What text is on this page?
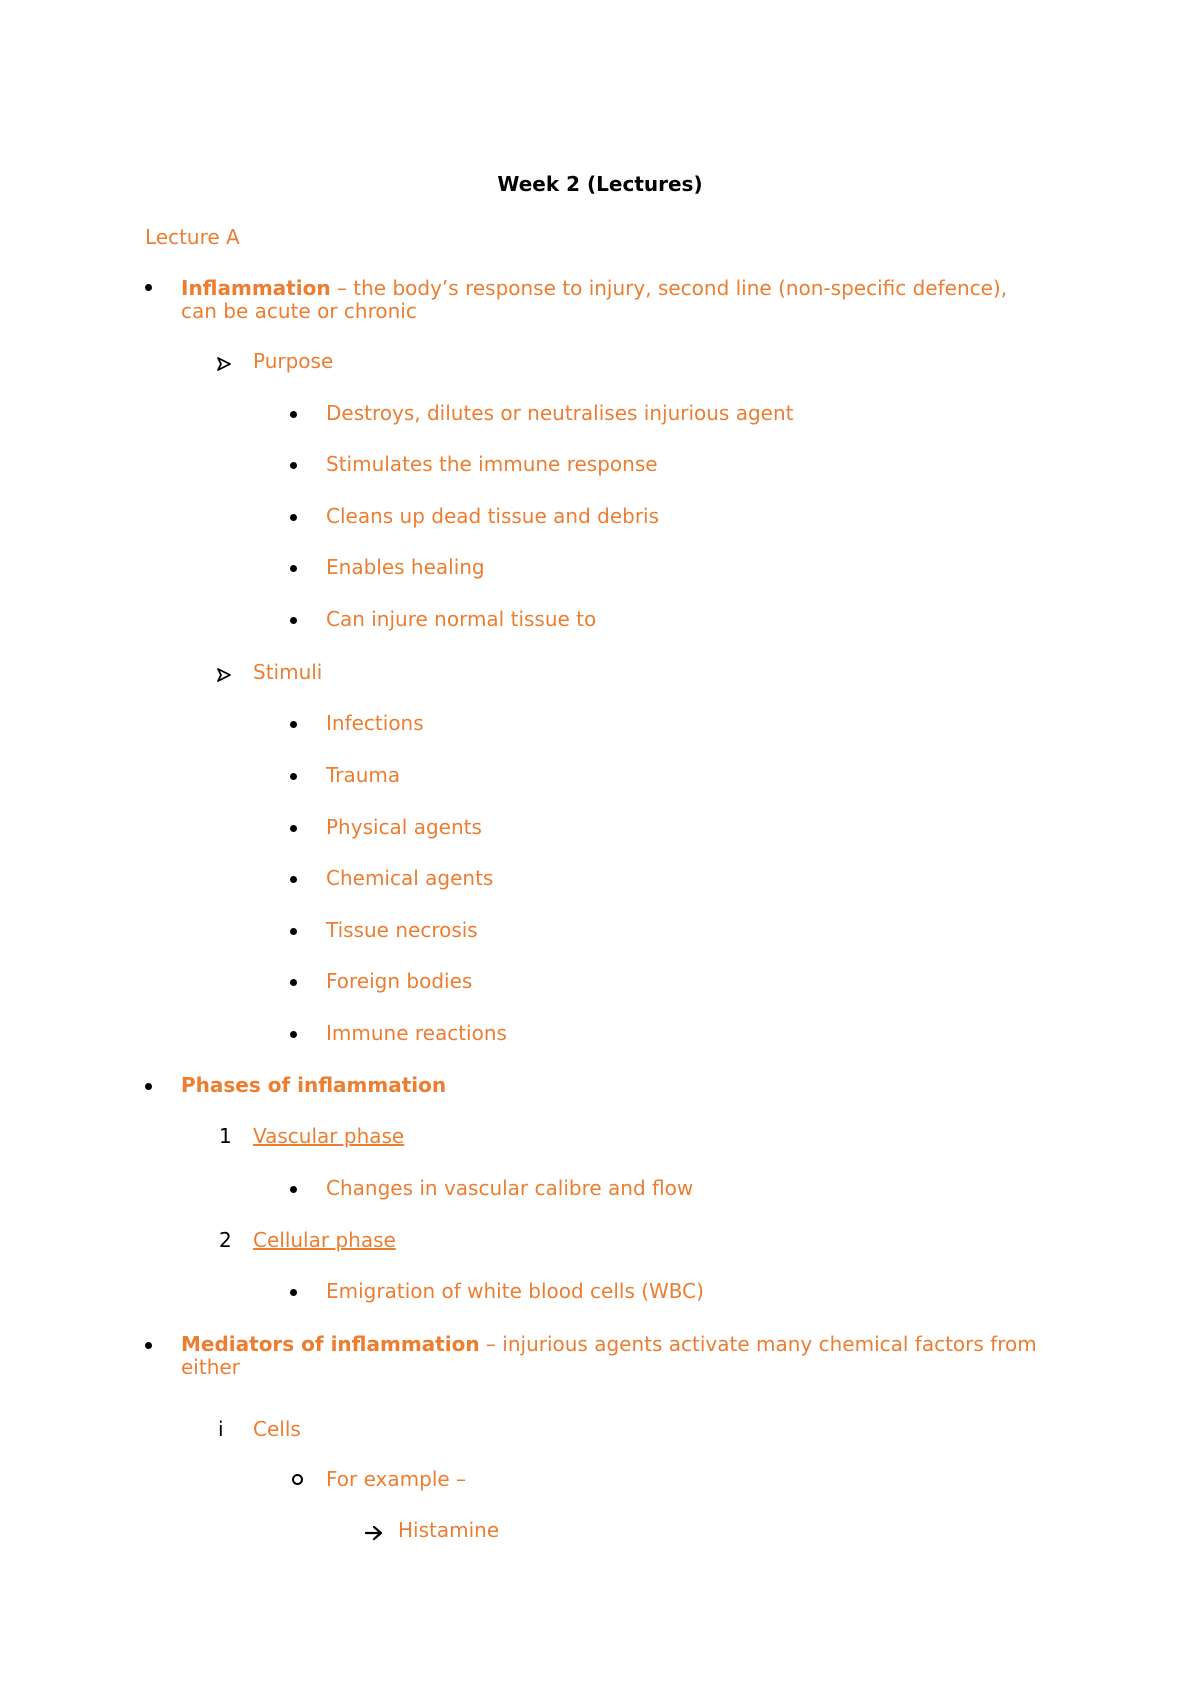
Week 2 (Lectures)
Lecture A
Inflammation – the body’s response to injury, second line (non-specific defence),
can be acute or chronic
Purpose
Destroys, dilutes or neutralises injurious agent
Stimulates the immune response
Cleans up dead tissue and debris
Enables healing
Can injure normal tissue to
Stimuli
Infections
Trauma
Physical agents
Chemical agents
Tissue necrosis
Foreign bodies
Immune reactions
Phases of inflammation
1 Vascular phase
Changes in vascular calibre and flow
2 Cellular phase
Emigration of white blood cells (WBC)
Mediators of inflammation – injurious agents activate many chemical factors from
either
i Cells
For example –
Histamine
